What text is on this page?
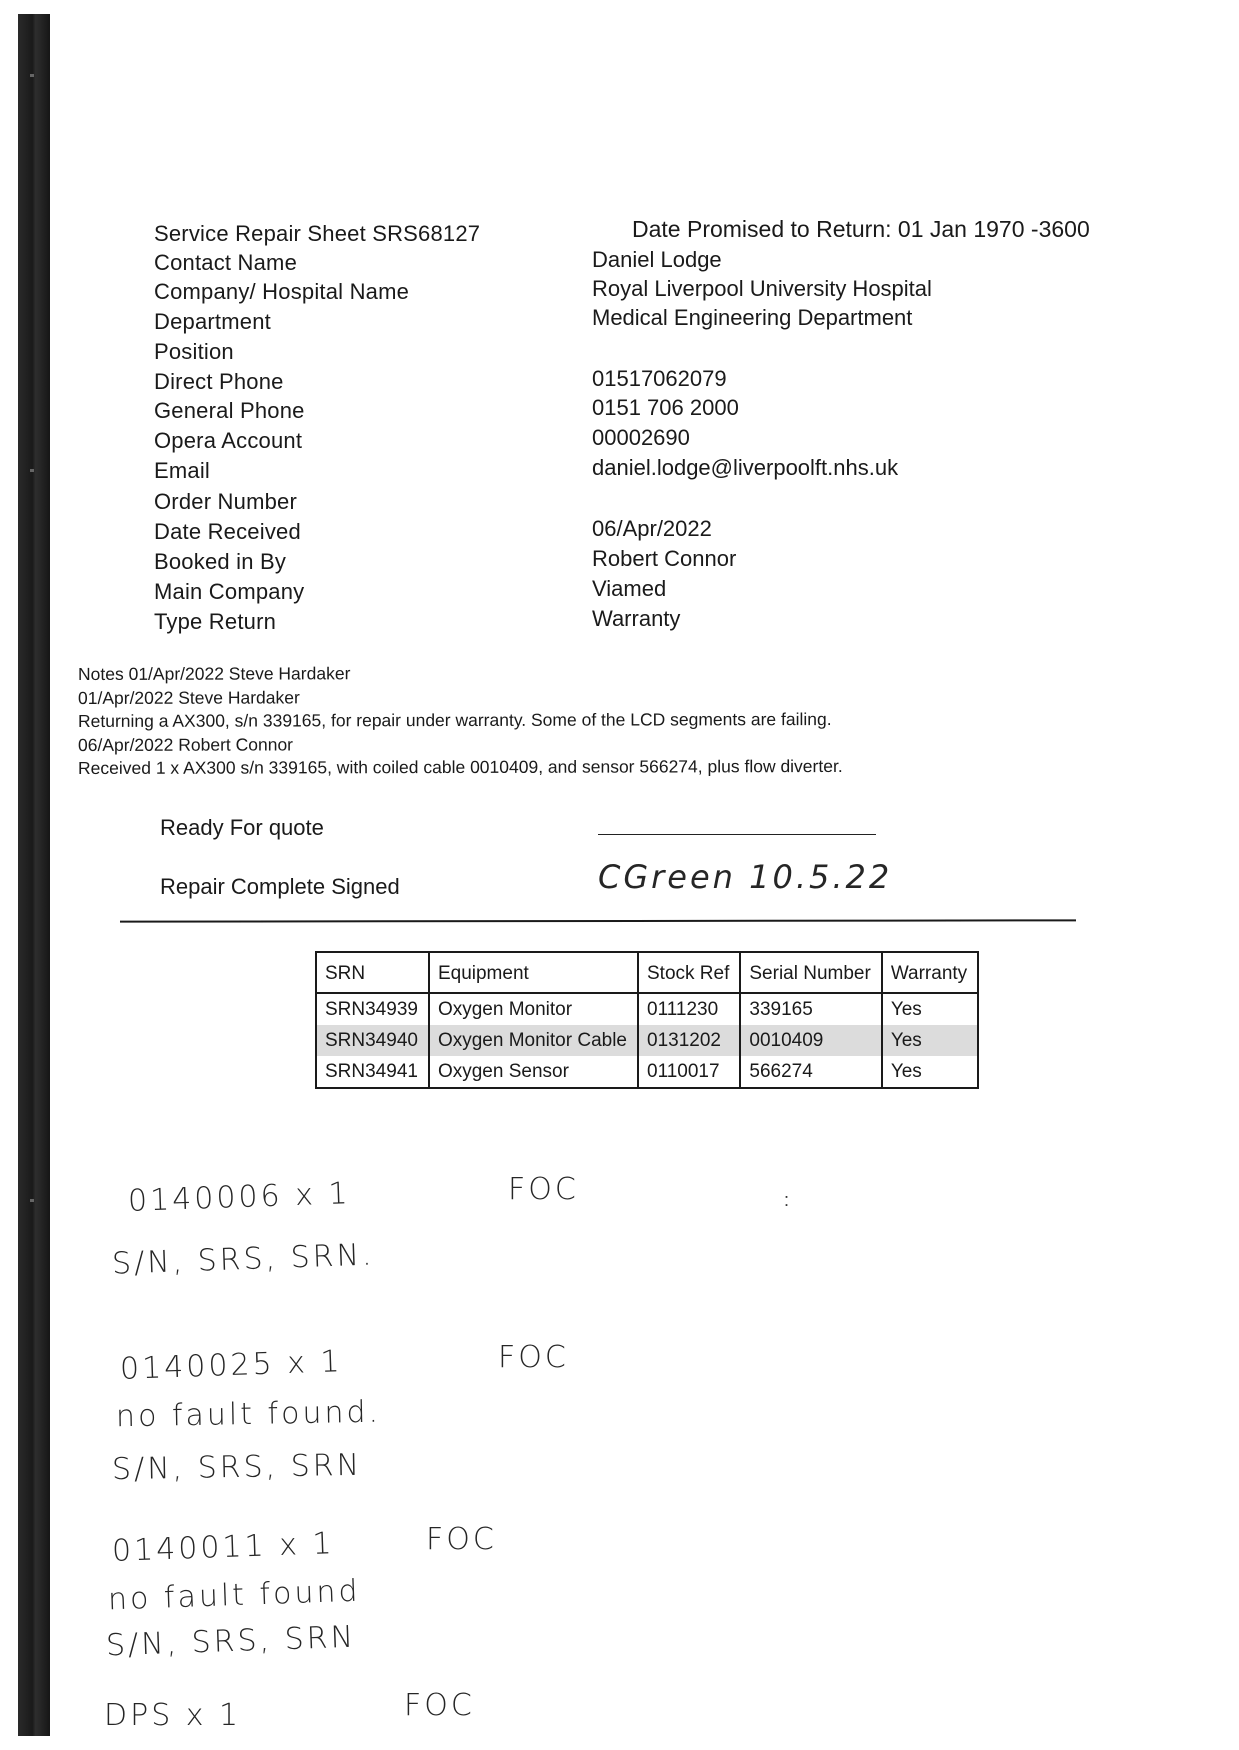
Date Promised to Return: 01 Jan 1970 -3600
Service Repair Sheet SRS68127
Contact Name	Daniel Lodge
Company/ Hospital Name	Royal Liverpool University Hospital
Department	Medical Engineering Department
Position
Direct Phone	01517062079
General Phone	0151 706 2000
Opera Account	00002690
Email	daniel.lodge@liverpoolft.nhs.uk
Order Number
Date Received	06/Apr/2022
Booked in By	Robert Connor
Main Company	Viamed
Type Return	Warranty
Notes 01/Apr/2022 Steve Hardaker
01/Apr/2022 Steve Hardaker
Returning a AX300, s/n 339165, for repair under warranty. Some of the LCD segments are failing.
06/Apr/2022 Robert Connor
Received 1 x AX300 s/n 339165, with coiled cable 0010409, and sensor 566274, plus flow diverter.
Ready For quote
Repair Complete Signed	CGreen 10.5.22
SRN	Equipment	Stock Ref	Serial Number	Warranty
SRN34939	Oxygen Monitor	0111230	339165	Yes
SRN34940	Oxygen Monitor Cable	0131202	0010409	Yes
SRN34941	Oxygen Sensor	0110017	566274	Yes
:
0140006 x 1	FOC
S/N, SRS, SRN.
0140025 x 1	FOC
no fault found.
S/N, SRS, SRN
0140011 x 1	FOC
no fault found
S/N, SRS, SRN
DPS x 1	FOC
